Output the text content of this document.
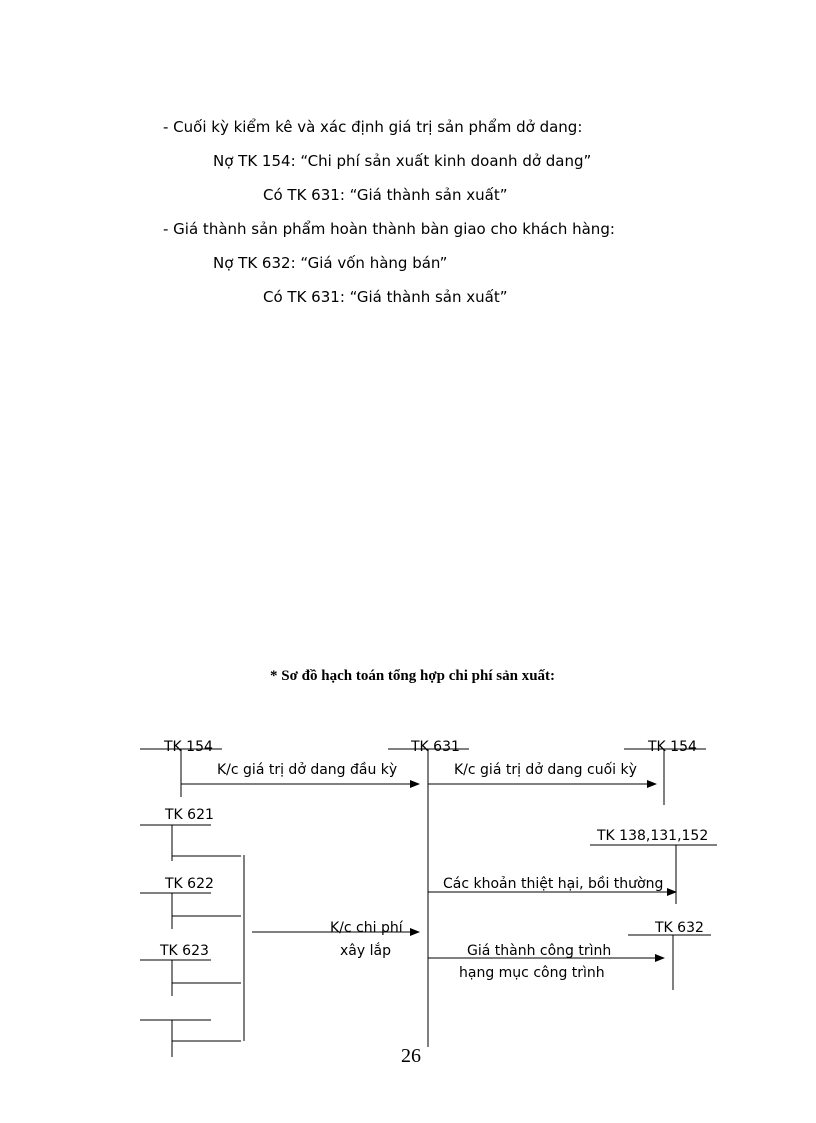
- Cuối kỳ kiểm kê và xác định giá trị sản phẩm dở dang:
Nợ TK 154: “Chi phí sản xuất kinh doanh dở dang”
Có TK 631: “Giá thành sản xuất”
- Giá thành sản phẩm hoàn thành bàn giao cho khách hàng:
Nợ TK 632: “Giá vốn hàng bán”
Có TK 631: “Giá thành sản xuất”
* Sơ đồ hạch toán tổng hợp chi phí sản xuất:
TK 154	TK 631	TK 154
K/c giá trị dở dang đầu kỳ	K/c giá trị dở dang cuối kỳ
TK 621
TK 622
TK 623
TK 138,131,152
Các khoản thiệt hại, bồi thường
TK 632
K/c chi phí
xây lắp	Giá thành công trình
hạng mục công trình
26
